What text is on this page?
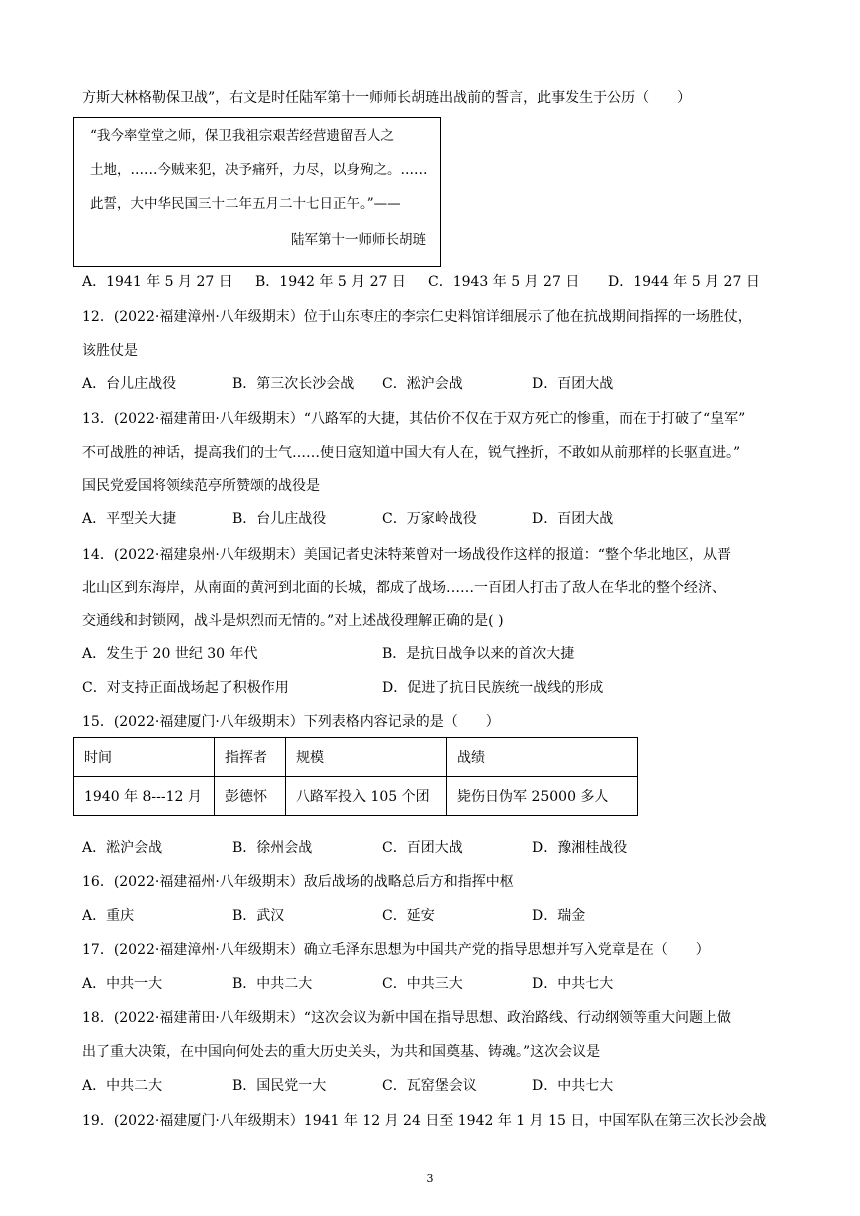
方斯大林格勒保卫战”，右文是时任陆军第十一师师长胡琏出战前的誓言，此事发生于公历（　　）
“我今率堂堂之师，保卫我祖宗艰苦经营遗留吾人之
土地，……今贼来犯，决予痛歼，力尽，以身殉之。……
此誓，大中华民国三十二年五月二十七日正午。”——
陆军第十一师师长胡琏
A．1941 年 5 月 27 日 B．1942 年 5 月 27 日 C．1943 年 5 月 27 日 D．1944 年 5 月 27 日
12．(2022·福建漳州·八年级期末）位于山东枣庄的李宗仁史料馆详细展示了他在抗战期间指挥的一场胜仗，
该胜仗是
A．台儿庄战役	B．第三次长沙会战 C．淞沪会战	D．百团大战
13．(2022·福建莆田·八年级期末）“八路军的大捷，其估价不仅在于双方死亡的惨重，而在于打破了“皇军”
不可战胜的神话，提高我们的士气……使日寇知道中国大有人在，锐气挫折，不敢如从前那样的长驱直进。”
国民党爱国将领续范亭所赞颂的战役是
A．平型关大捷	B．台儿庄战役	C．万家岭战役	D．百团大战
14．(2022·福建泉州·八年级期末）美国记者史沫特莱曾对一场战役作这样的报道：“整个华北地区，从晋
北山区到东海岸，从南面的黄河到北面的长城，都成了战场……一百团人打击了敌人在华北的整个经济、
交通线和封锁网，战斗是炽烈而无情的。”对上述战役理解正确的是( )
A．发生于 20 世纪 30 年代	B．是抗日战争以来的首次大捷
C．对支持正面战场起了积极作用	D．促进了抗日民族统一战线的形成
15．(2022·福建厦门·八年级期末）下列表格内容记录的是（　　）
时间	指挥者	规模	战绩
1940 年 8---12 月	彭德怀	八路军投入 105 个团	毙伤日伪军 25000 多人
A．淞沪会战	B．徐州会战	C．百团大战	D．豫湘桂战役
16．(2022·福建福州·八年级期末）敌后战场的战略总后方和指挥中枢
A．重庆	B．武汉	C．延安	D．瑞金
17．(2022·福建漳州·八年级期末）确立毛泽东思想为中国共产党的指导思想并写入党章是在（　　）
A．中共一大	B．中共二大	C．中共三大	D．中共七大
18．(2022·福建莆田·八年级期末）“这次会议为新中国在指导思想、政治路线、行动纲领等重大问题上做
出了重大决策，在中国向何处去的重大历史关头，为共和国奠基、铸魂。”这次会议是
A．中共二大	B．国民党一大	C．瓦窑堡会议	D．中共七大
19．(2022·福建厦门·八年级期末）1941 年 12 月 24 日至 1942 年 1 月 15 日，中国军队在第三次长沙会战
3
